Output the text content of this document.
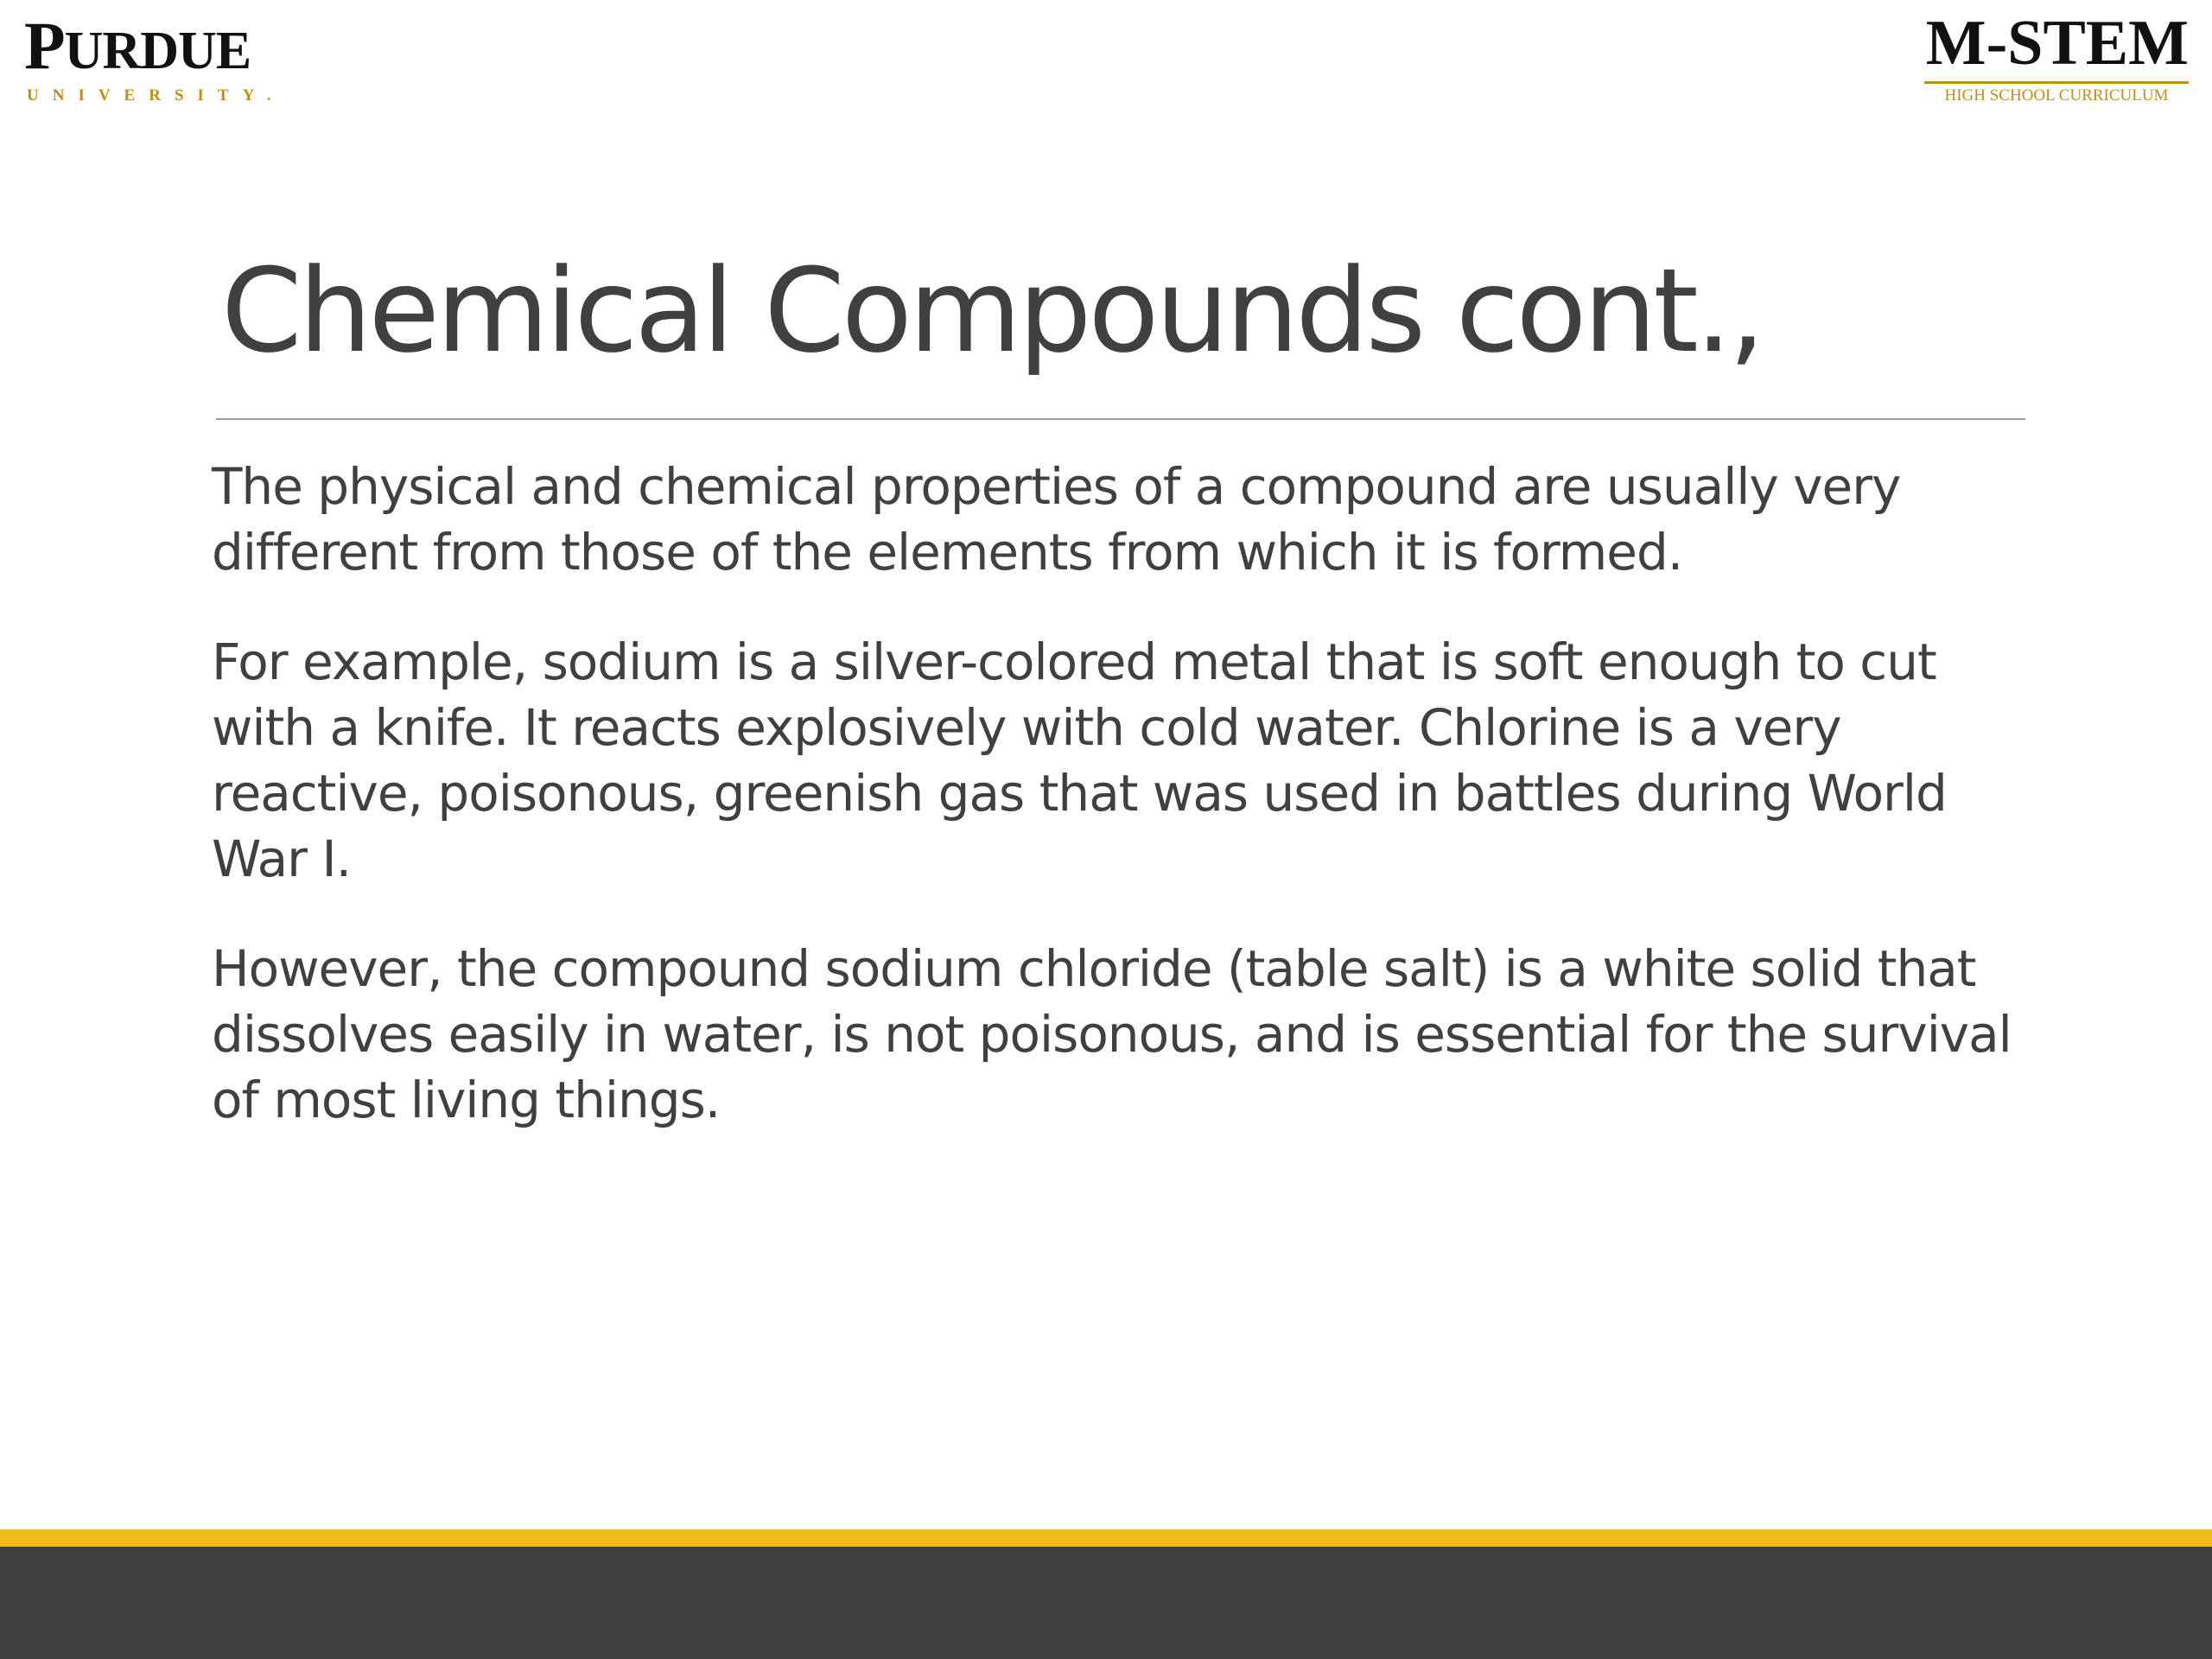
PURDUE
UNIVERSITY.
M-STEM
HIGH SCHOOL CURRICULUM
Chemical Compounds cont.,

The physical and chemical properties of a compound are usually very different from those of the elements from which it is formed.

For example, sodium is a silver-colored metal that is soft enough to cut with a knife. It reacts explosively with cold water. Chlorine is a very reactive, poisonous, greenish gas that was used in battles during World War I.

However, the compound sodium chloride (table salt) is a white solid that dissolves easily in water, is not poisonous, and is essential for the survival of most living things.
